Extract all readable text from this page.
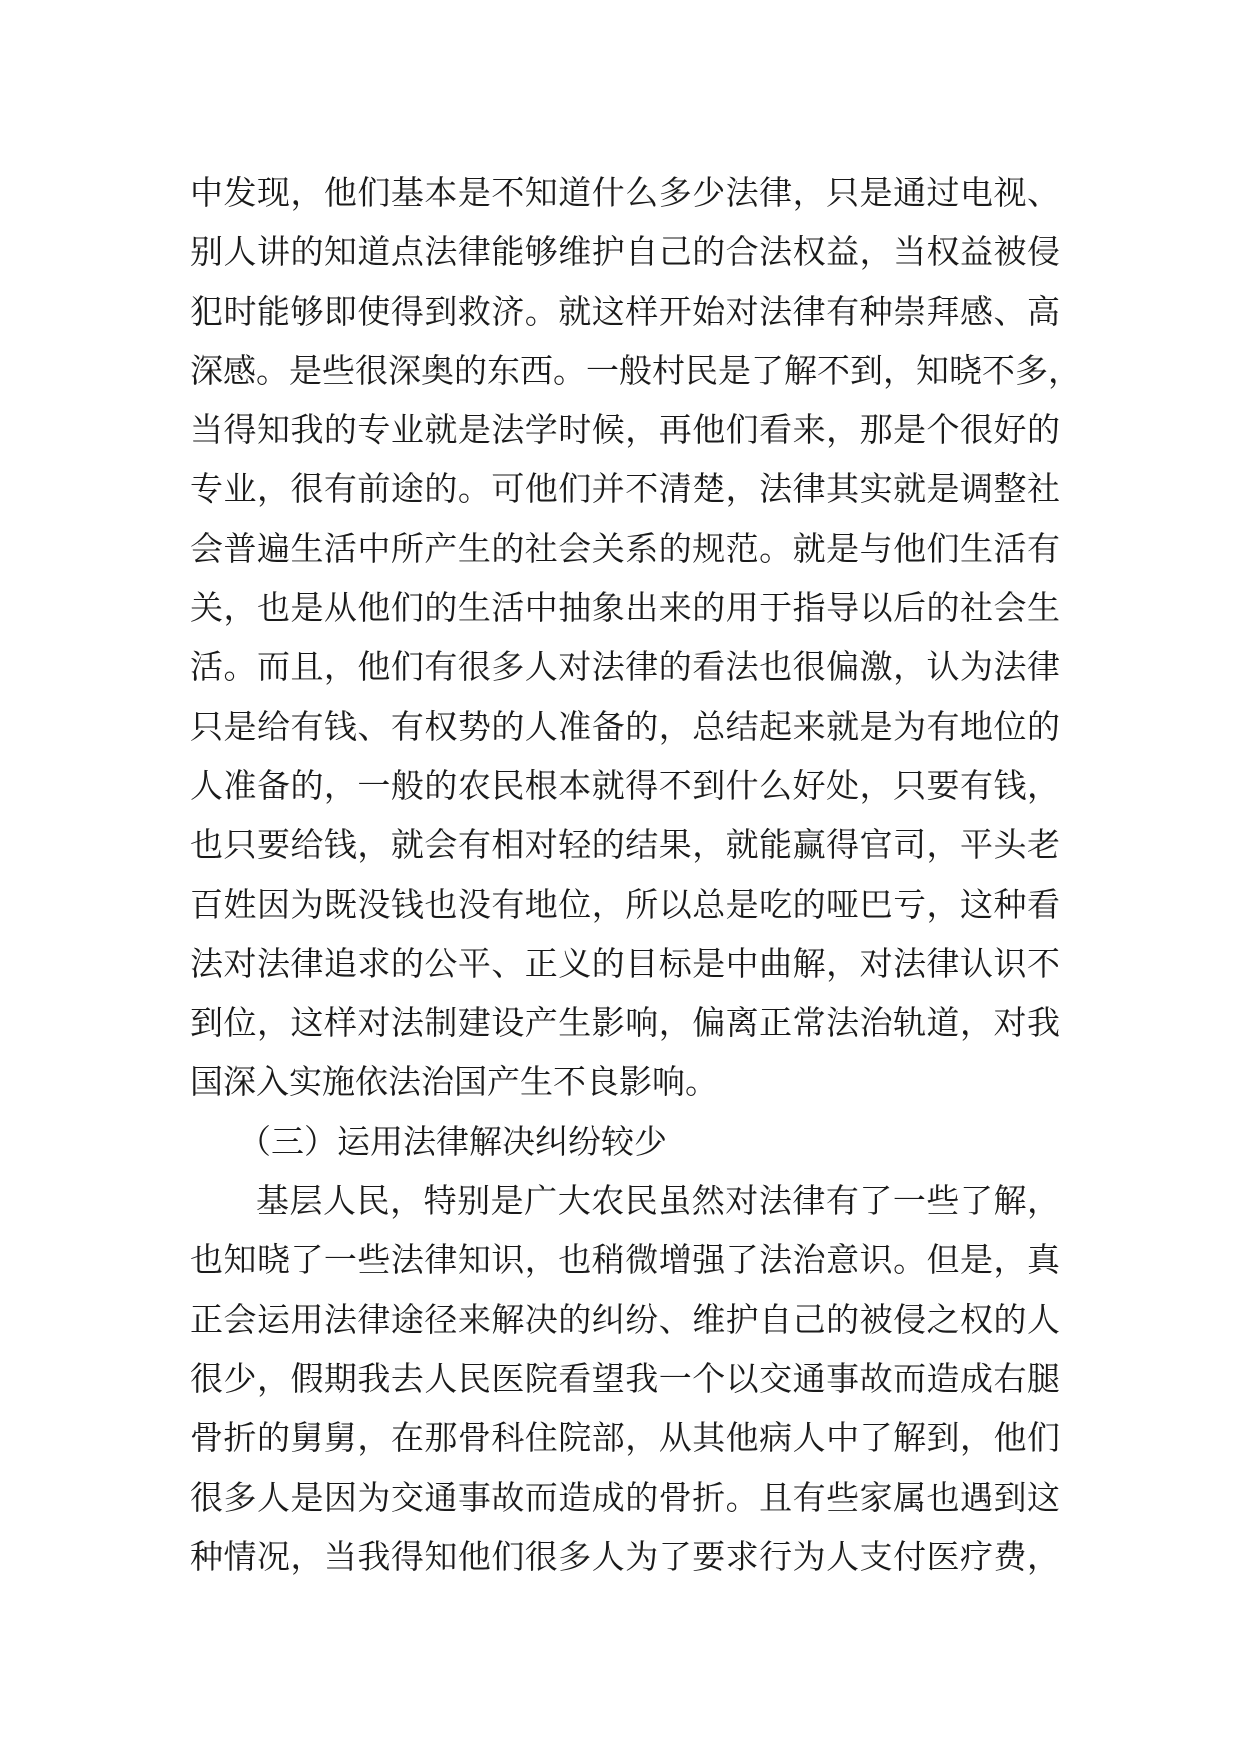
中发现，他们基本是不知道什么多少法律，只是通过电视、
别人讲的知道点法律能够维护自己的合法权益，当权益被侵
犯时能够即使得到救济。就这样开始对法律有种崇拜感、高
深感。是些很深奥的东西。一般村民是了解不到，知晓不多，
当得知我的专业就是法学时候，再他们看来，那是个很好的
专业，很有前途的。可他们并不清楚，法律其实就是调整社
会普遍生活中所产生的社会关系的规范。就是与他们生活有
关，也是从他们的生活中抽象出来的用于指导以后的社会生
活。而且，他们有很多人对法律的看法也很偏激，认为法律
只是给有钱、有权势的人准备的，总结起来就是为有地位的
人准备的，一般的农民根本就得不到什么好处，只要有钱，
也只要给钱，就会有相对轻的结果，就能赢得官司，平头老
百姓因为既没钱也没有地位，所以总是吃的哑巴亏，这种看
法对法律追求的公平、正义的目标是中曲解，对法律认识不
到位，这样对法制建设产生影响，偏离正常法治轨道，对我
国深入实施依法治国产生不良影响。
（三）运用法律解决纠纷较少
基层人民，特别是广大农民虽然对法律有了一些了解，
也知晓了一些法律知识，也稍微增强了法治意识。但是，真
正会运用法律途径来解决的纠纷、维护自己的被侵之权的人
很少，假期我去人民医院看望我一个以交通事故而造成右腿
骨折的舅舅，在那骨科住院部，从其他病人中了解到，他们
很多人是因为交通事故而造成的骨折。且有些家属也遇到这
种情况，当我得知他们很多人为了要求行为人支付医疗费，
